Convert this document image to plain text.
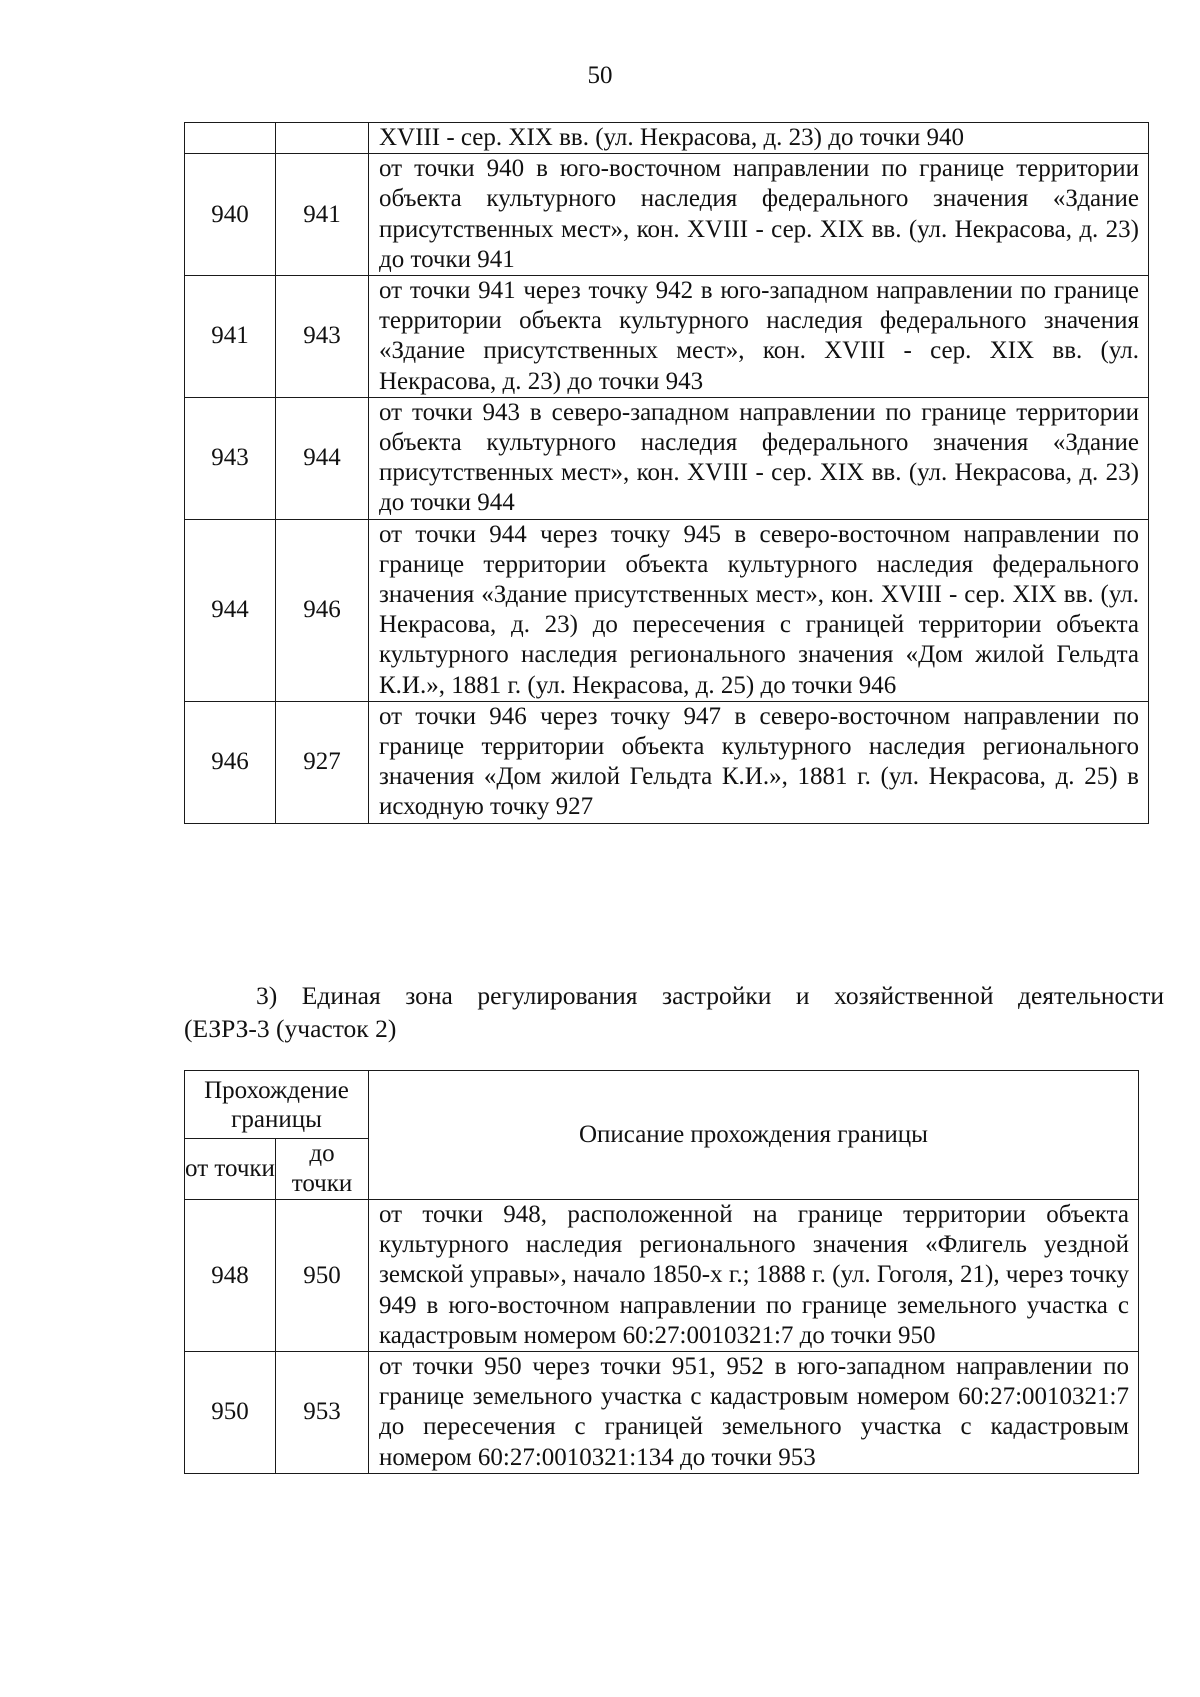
50
		XVIII - сер. XIX вв. (ул. Некрасова, д. 23) до точки 940
940	941	от точки 940 в юго-восточном направлении по границе территории объекта культурного наследия федерального значения «Здание присутственных мест», кон. XVIII - сер. XIX вв. (ул. Некрасова, д. 23) до точки 941
941	943	от точки 941 через точку 942 в юго-западном направлении по границе территории объекта культурного наследия федерального значения «Здание присутственных мест», кон. XVIII - сер. XIX вв. (ул. Некрасова, д. 23) до точки 943
943	944	от точки 943 в северо-западном направлении по границе территории объекта культурного наследия федерального значения «Здание присутственных мест», кон. XVIII - сер. XIX вв. (ул. Некрасова, д. 23) до точки 944
944	946	от точки 944 через точку 945 в северо-восточном направлении по границе территории объекта культурного наследия федерального значения «Здание присутственных мест», кон. XVIII - сер. XIX вв. (ул. Некрасова, д. 23) до пересечения с границей территории объекта культурного наследия регионального значения «Дом жилой Гельдта К.И.», 1881 г. (ул. Некрасова, д. 25) до точки 946
946	927	от точки 946 через точку 947 в северо-восточном направлении по границе территории объекта культурного наследия регионального значения «Дом жилой Гельдта К.И.», 1881 г. (ул. Некрасова, д. 25) в исходную точку 927
3) Единая зона регулирования застройки и хозяйственной деятельности
(ЕЗРЗ-3 (участок 2)
Прохождение границы		Описание прохождения границы
от точки	до точки	
948	950	от точки 948, расположенной на границе территории объекта культурного наследия регионального значения «Флигель уездной земской управы», начало 1850-х г.; 1888 г. (ул. Гоголя, 21), через точку 949 в юго-восточном направлении по границе земельного участка с кадастровым номером 60:27:0010321:7 до точки 950
950	953	от точки 950 через точки 951, 952 в юго-западном направлении по границе земельного участка с кадастровым номером 60:27:0010321:7 до пересечения с границей земельного участка с кадастровым номером 60:27:0010321:134 до точки 953
